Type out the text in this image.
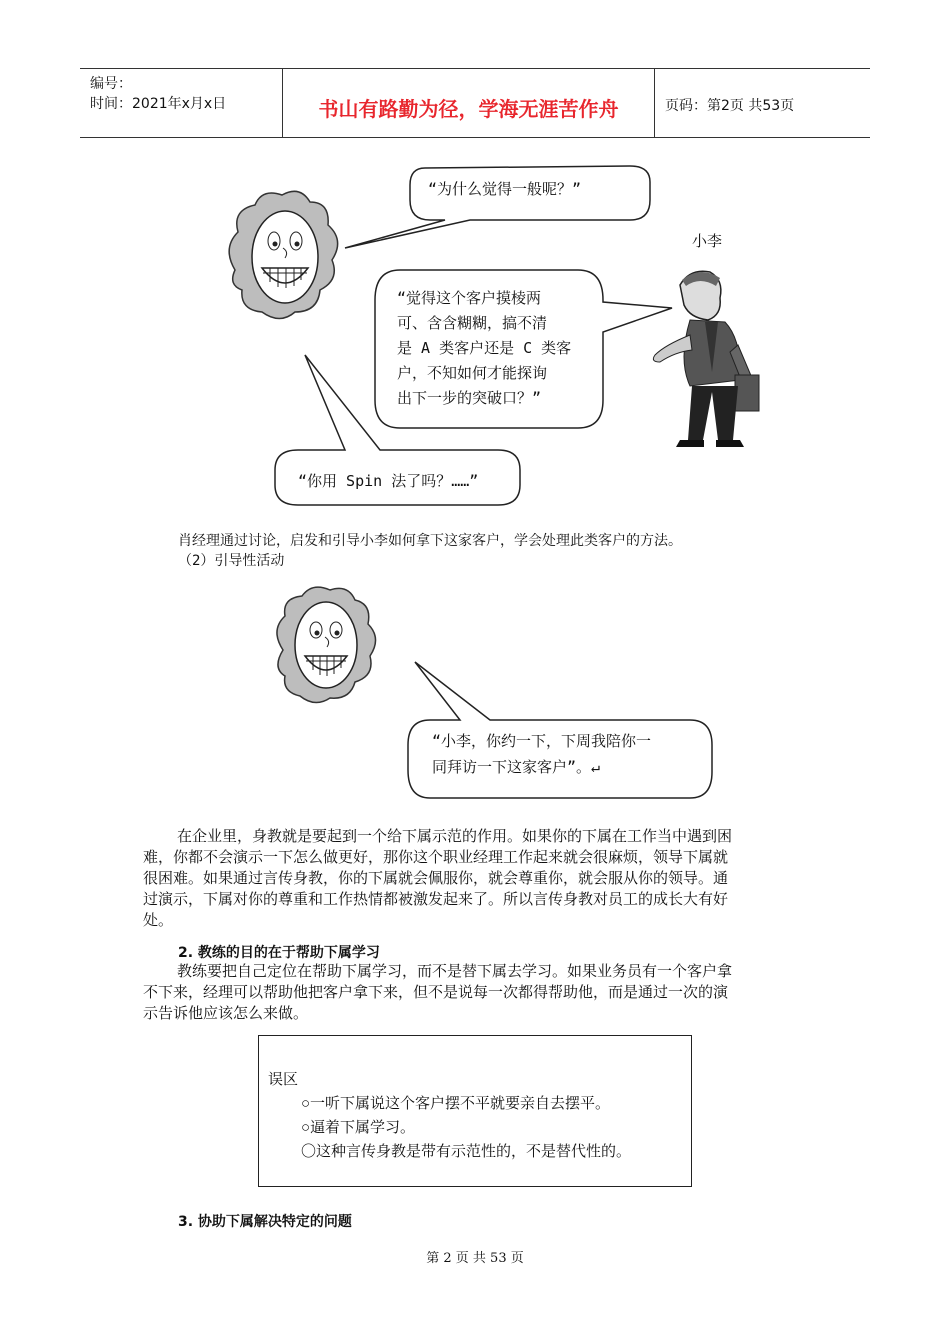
编号：
时间：2021年x月x日	书山有路勤为径，学海无涯苦作舟	页码：第2页 共53页
“为什么觉得一般呢？”
小李
“觉得这个客户摸棱两
可、含含糊糊，搞不清
是 A 类客户还是 C 类客
户，不知如何才能探询
出下一步的突破口？”
“你用 Spin 法了吗？……”
肖经理通过讨论，启发和引导小李如何拿下这家客户，学会处理此类客户的方法。
（2）引导性活动
“小李，你约一下，下周我陪你一
同拜访一下这家客户”。↵
在企业里，身教就是要起到一个给下属示范的作用。如果你的下属在工作当中遇到困
难，你都不会演示一下怎么做更好，那你这个职业经理工作起来就会很麻烦，领导下属就
很困难。如果通过言传身教，你的下属就会佩服你，就会尊重你，就会服从你的领导。通
过演示，下属对你的尊重和工作热情都被激发起来了。所以言传身教对员工的成长大有好
处。
2. 教练的目的在于帮助下属学习
教练要把自己定位在帮助下属学习，而不是替下属去学习。如果业务员有一个客户拿
不下来，经理可以帮助他把客户拿下来，但不是说每一次都得帮助他，而是通过一次的演
示告诉他应该怎么来做。
误区
○一听下属说这个客户摆不平就要亲自去摆平。
○逼着下属学习。
〇这种言传身教是带有示范性的，不是替代性的。
3. 协助下属解决特定的问题
第 2 页 共 53 页
